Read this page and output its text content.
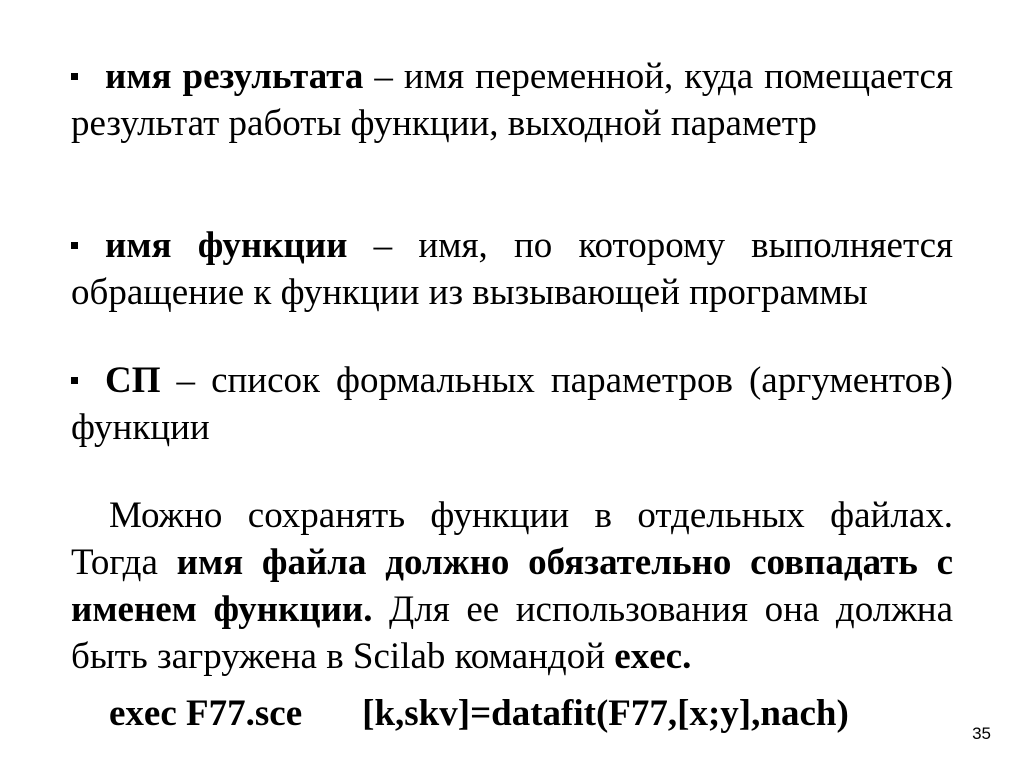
имя результата – имя переменной, куда помещается результат работы функции, выходной параметр
имя функции – имя, по которому выполняется обращение к функции из вызывающей программы
СП – список формальных параметров (аргументов) функции
Можно сохранять функции в отдельных файлах. Тогда имя файла должно обязательно совпадать с именем функции. Для ее использования она должна быть загружена в Scilab командой exec.
exec F77.sce [k,skv]=datafit(F77,[x;y],nach)	35
